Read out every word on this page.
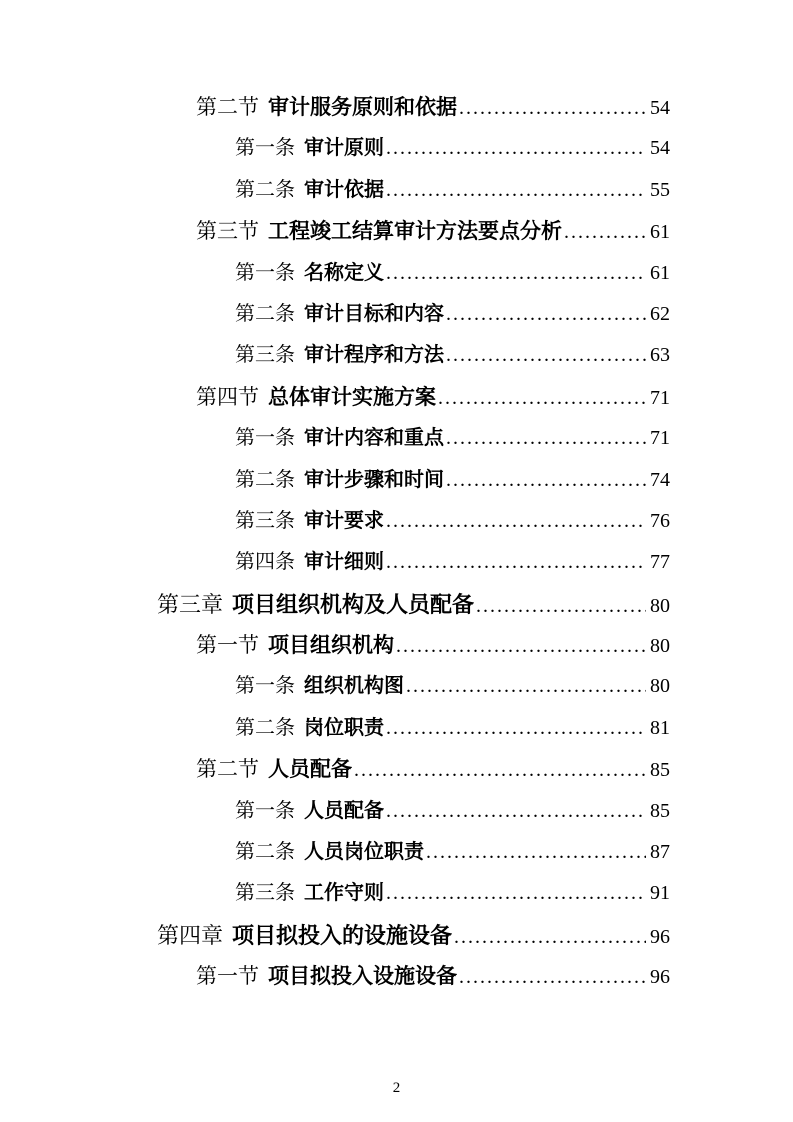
第二节 审计服务原则和依据 .....	54
第一条 审计原则 .....	54
第二条 审计依据 .....	55
第三节 工程竣工结算审计方法要点分析 .....	61
第一条 名称定义 .....	61
第二条 审计目标和内容 .....	62
第三条 审计程序和方法 .....	63
第四节 总体审计实施方案 .....	71
第一条 审计内容和重点 .....	71
第二条 审计步骤和时间 .....	74
第三条 审计要求 .....	76
第四条 审计细则 .....	77
第三章 项目组织机构及人员配备 .....	80
第一节 项目组织机构 .....	80
第一条 组织机构图 .....	80
第二条 岗位职责 .....	81
第二节 人员配备 .....	85
第一条 人员配备 .....	85
第二条 人员岗位职责 .....	87
第三条 工作守则 .....	91
第四章 项目拟投入的设施设备 .....	96
第一节 项目拟投入设施设备 .....	96
2
